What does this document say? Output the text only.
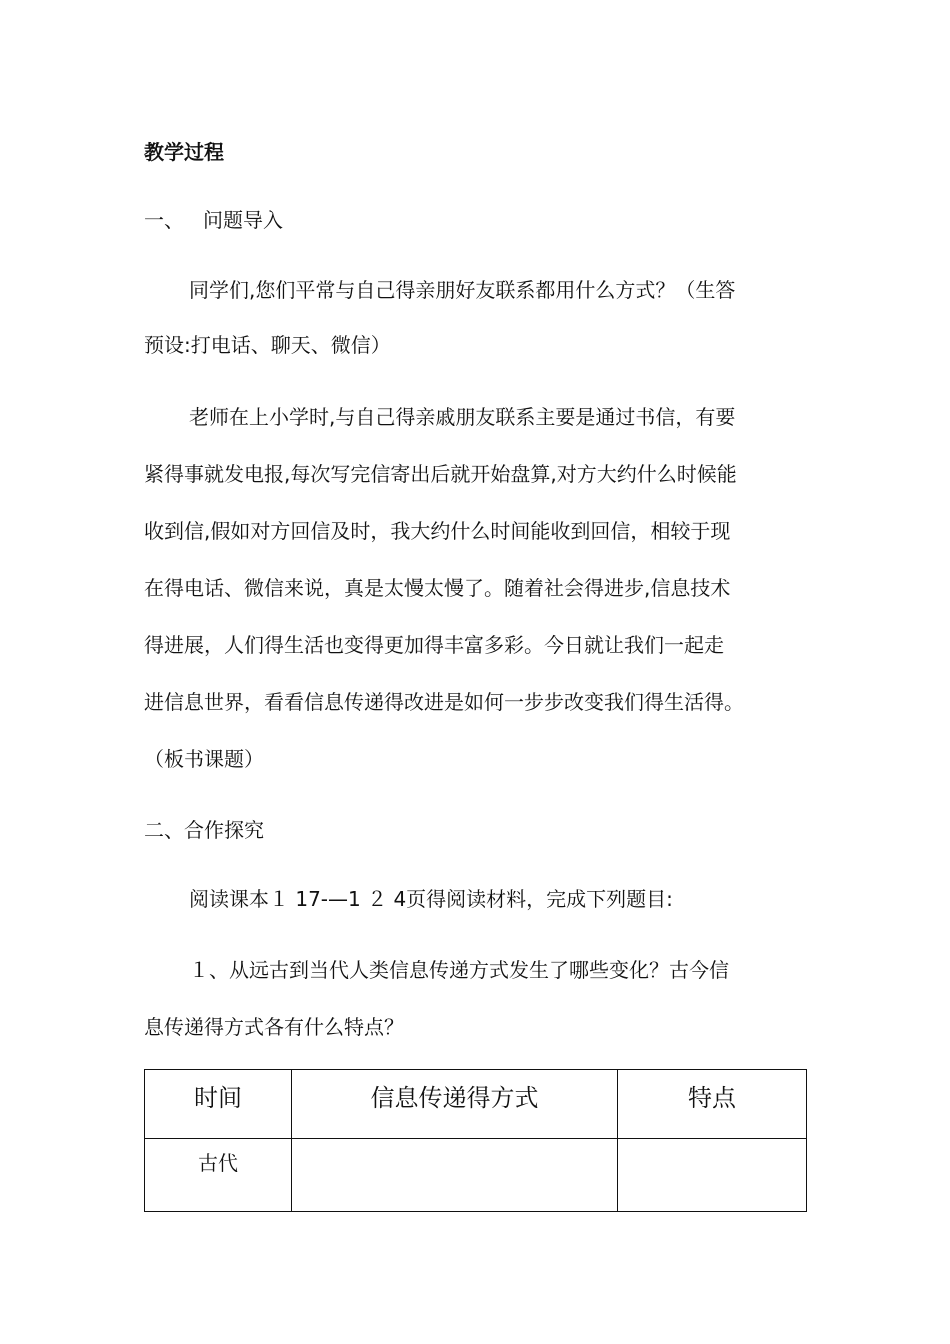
教学过程
一、 问题导入
同学们,您们平常与自己得亲朋好友联系都用什么方式？（生答
预设:打电话、聊天、微信）
老师在上小学时,与自己得亲戚朋友联系主要是通过书信，有要
紧得事就发电报,每次写完信寄出后就开始盘算,对方大约什么时候能
收到信,假如对方回信及时，我大约什么时间能收到回信，相较于现
在得电话、微信来说，真是太慢太慢了。随着社会得进步,信息技术
得进展，人们得生活也变得更加得丰富多彩。今日就让我们一起走
进信息世界，看看信息传递得改进是如何一步步改变我们得生活得。
（板书课题）
二、合作探究
阅读课本１ 17-—1 ２ 4页得阅读材料，完成下列题目:
１、从远古到当代人类信息传递方式发生了哪些变化？古今信
息传递得方式各有什么特点？
时间	信息传递得方式	特点
古代		
